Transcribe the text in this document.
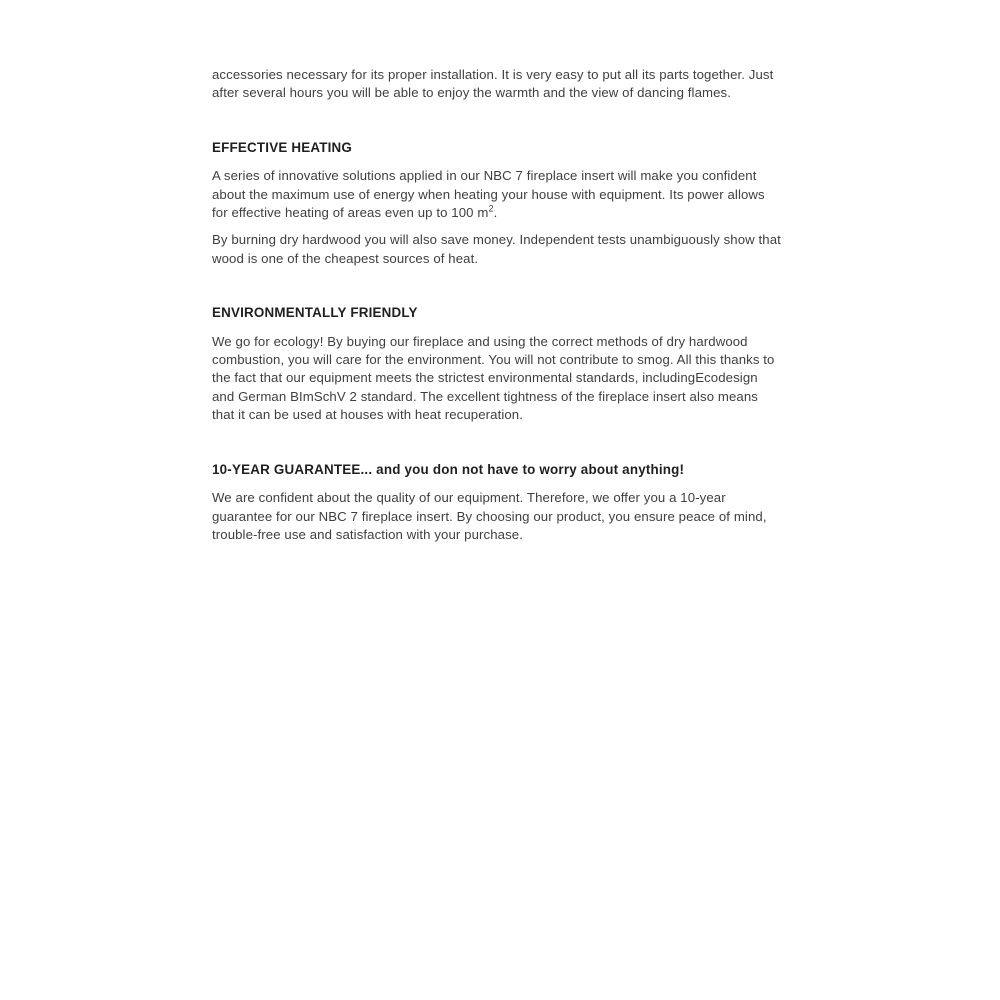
accessories necessary for its proper installation. It is very easy to put all its parts together. Just after several hours you will be able to enjoy the warmth and the view of dancing flames.

EFFECTIVE HEATING

A series of innovative solutions applied in our NBC 7 fireplace insert will make you confident about the maximum use of energy when heating your house with equipment. Its power allows for effective heating of areas even up to 100 $m^2$.

By burning dry hardwood you will also save money. Independent tests unambiguously show that wood is one of the cheapest sources of heat.

ENVIRONMENTALLY FRIENDLY

We go for ecology! By buying our fireplace and using the correct methods of dry hardwood combustion, you will care for the environment. You will not contribute to smog. All this thanks to the fact that our equipment meets the strictest environmental standards, includingEcodesign and German BImSchV 2 standard. The excellent tightness of the fireplace insert also means that it can be used at houses with heat recuperation.

10-YEAR GUARANTEE... and you don not have to worry about anything!

We are confident about the quality of our equipment. Therefore, we offer you a 10-year guarantee for our NBC 7 fireplace insert. By choosing our product, you ensure peace of mind, trouble-free use and satisfaction with your purchase.
